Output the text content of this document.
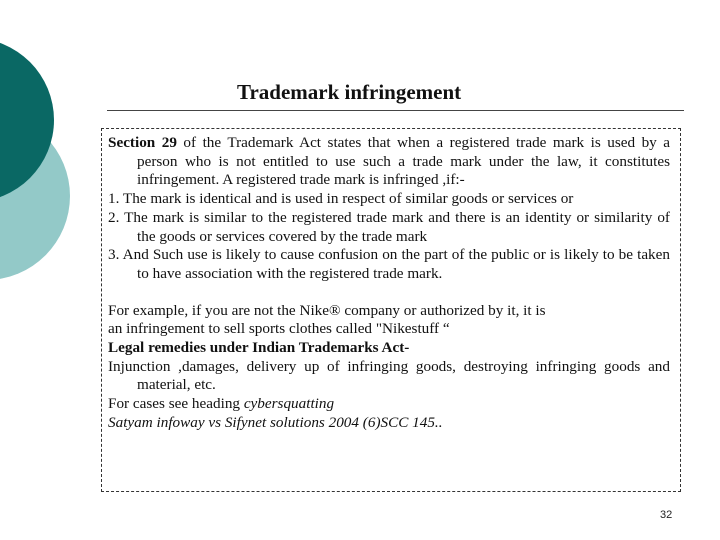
Trademark infringement

Section 29 of the Trademark Act states that when a registered trade mark is used by a person who is not entitled to use such a trade mark under the law, it constitutes infringement. A registered trade mark is infringed ,if:-

1. The mark is identical and is used in respect of similar goods or services or

2. The mark is similar to the registered trade mark and there is an identity or similarity of the goods or services covered by the trade mark

3. And Such use is likely to cause confusion on the part of the public or is likely to be taken to have association with the registered trade mark.

For example, if you are not the Nike® company or authorized by it, it is

an infringement to sell sports clothes called "Nikestuff “

Legal remedies under Indian Trademarks Act-

Injunction ,damages, delivery up of infringing goods, destroying infringing goods and material, etc.

For cases see heading cybersquatting

Satyam infoway vs Sifynet solutions 2004 (6)SCC 145..

32
